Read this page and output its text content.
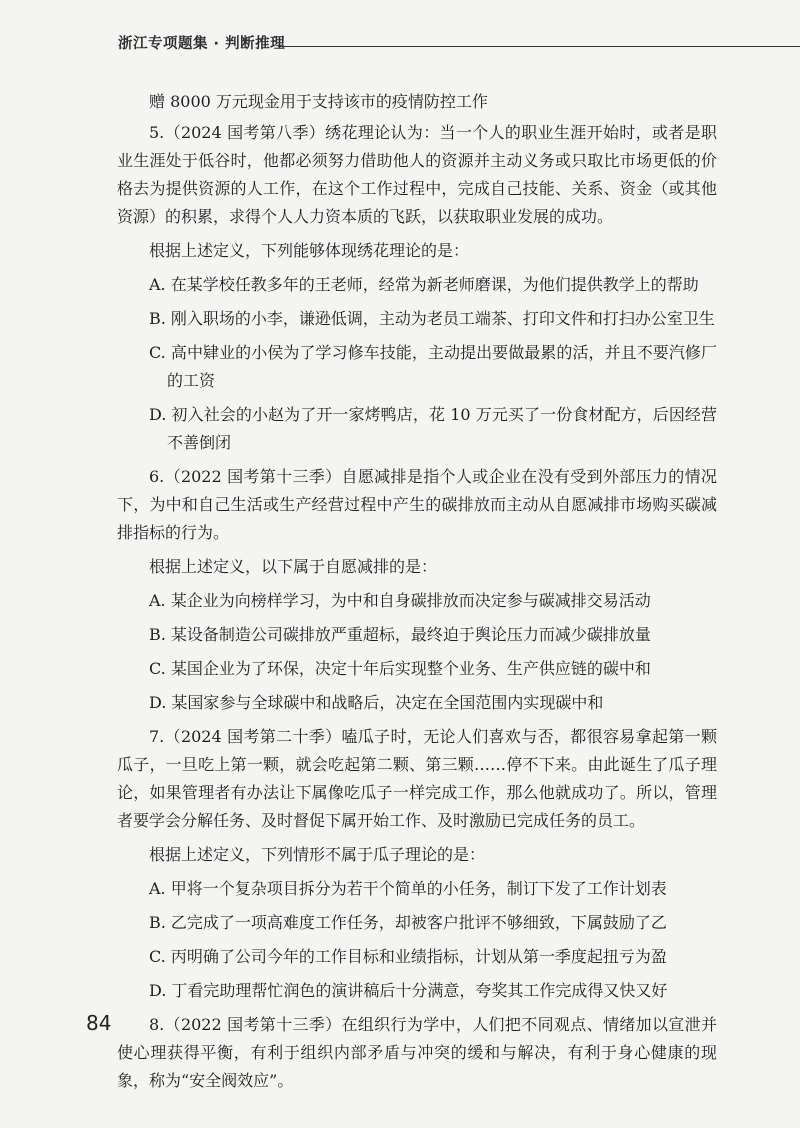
浙江专项题集 · 判断推理

赠 8000 万元现金用于支持该市的疫情防控工作

5.（2024 国考第八季）绣花理论认为：当一个人的职业生涯开始时，或者是职业生涯处于低谷时，他都必须努力借助他人的资源并主动义务或只取比市场更低的价格去为提供资源的人工作，在这个工作过程中，完成自己技能、关系、资金（或其他资源）的积累，求得个人人力资本质的飞跃，以获取职业发展的成功。

根据上述定义，下列能够体现绣花理论的是：

A. 在某学校任教多年的王老师，经常为新老师磨课，为他们提供教学上的帮助

B. 刚入职场的小李，谦逊低调，主动为老员工端茶、打印文件和打扫办公室卫生

C. 高中肄业的小侯为了学习修车技能，主动提出要做最累的活，并且不要汽修厂的工资

D. 初入社会的小赵为了开一家烤鸭店，花 10 万元买了一份食材配方，后因经营不善倒闭

6.（2022 国考第十三季）自愿减排是指个人或企业在没有受到外部压力的情况下，为中和自己生活或生产经营过程中产生的碳排放而主动从自愿减排市场购买碳减排指标的行为。

根据上述定义，以下属于自愿减排的是：

A. 某企业为向榜样学习，为中和自身碳排放而决定参与碳减排交易活动

B. 某设备制造公司碳排放严重超标，最终迫于舆论压力而减少碳排放量

C. 某国企业为了环保，决定十年后实现整个业务、生产供应链的碳中和

D. 某国家参与全球碳中和战略后，决定在全国范围内实现碳中和

7.（2024 国考第二十季）嗑瓜子时，无论人们喜欢与否，都很容易拿起第一颗瓜子，一旦吃上第一颗，就会吃起第二颗、第三颗……停不下来。由此诞生了瓜子理论，如果管理者有办法让下属像吃瓜子一样完成工作，那么他就成功了。所以，管理者要学会分解任务、及时督促下属开始工作、及时激励已完成任务的员工。

根据上述定义，下列情形不属于瓜子理论的是：

A. 甲将一个复杂项目拆分为若干个简单的小任务，制订下发了工作计划表

B. 乙完成了一项高难度工作任务，却被客户批评不够细致，下属鼓励了乙

C. 丙明确了公司今年的工作目标和业绩指标，计划从第一季度起扭亏为盈

D. 丁看完助理帮忙润色的演讲稿后十分满意，夸奖其工作完成得又快又好

8.（2022 国考第十三季）在组织行为学中，人们把不同观点、情绪加以宣泄并使心理获得平衡，有利于组织内部矛盾与冲突的缓和与解决，有利于身心健康的现象，称为“安全阀效应”。

84
